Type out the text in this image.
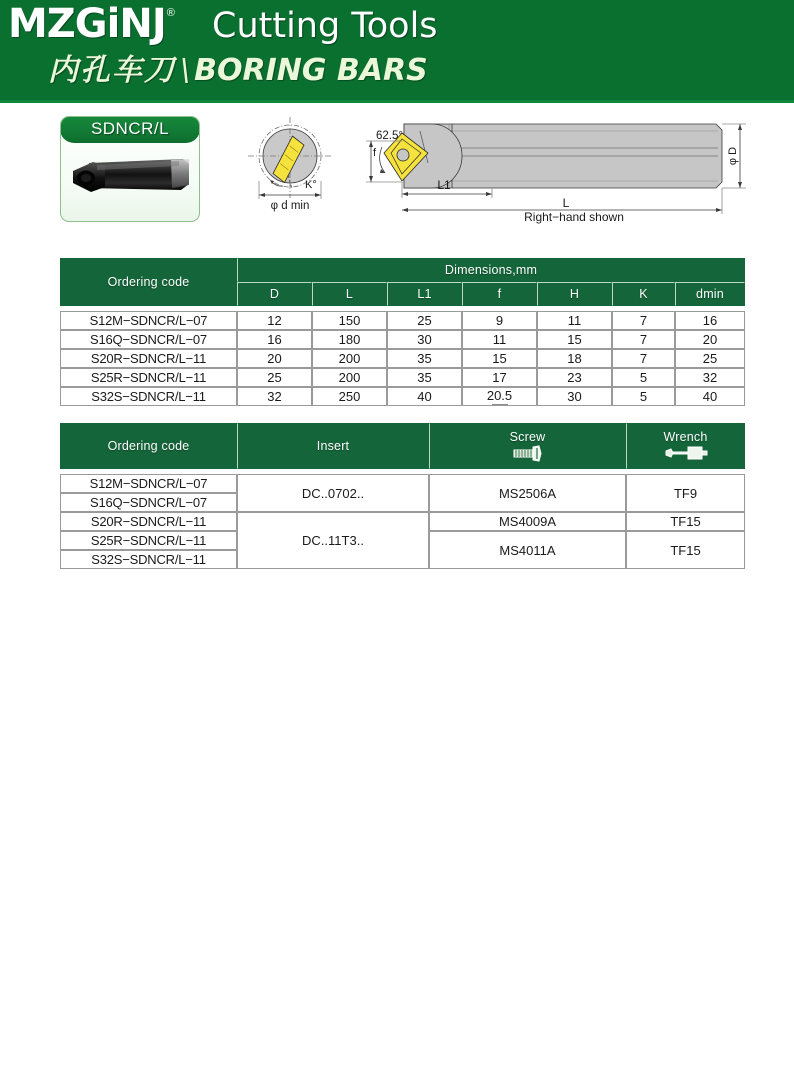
MZGiNJ ® Cutting Tools
内孔车刀 \ BORING BARS
SDNCR/L
K°
φ d min
f
62.5°
L1
L
φ D
Right−hand shown
Ordering code	Dimensions,mm						
	D	L	L1	f	H	K	dmin

S12M−SDNCR/L−07	12	150	25	9	11	7	16
S16Q−SDNCR/L−07	16	180	30	11	15	7	20
S20R−SDNCR/L−11	20	200	35	15	18	7	25
S25R−SDNCR/L−11	25	200	35	17	23	5	32
S32S−SDNCR/L−11	32	250	40	20.5	30	5	40
Ordering code	Insert	Screw	Wrench

S12M−SDNCR/L−07	DC..0702..	MS2506A	TF9
S16Q−SDNCR/L−07			
S20R−SDNCR/L−11	DC..11T3..	MS4009A	TF15
S25R−SDNCR/L−11		MS4011A	TF15
S32S−SDNCR/L−11			
